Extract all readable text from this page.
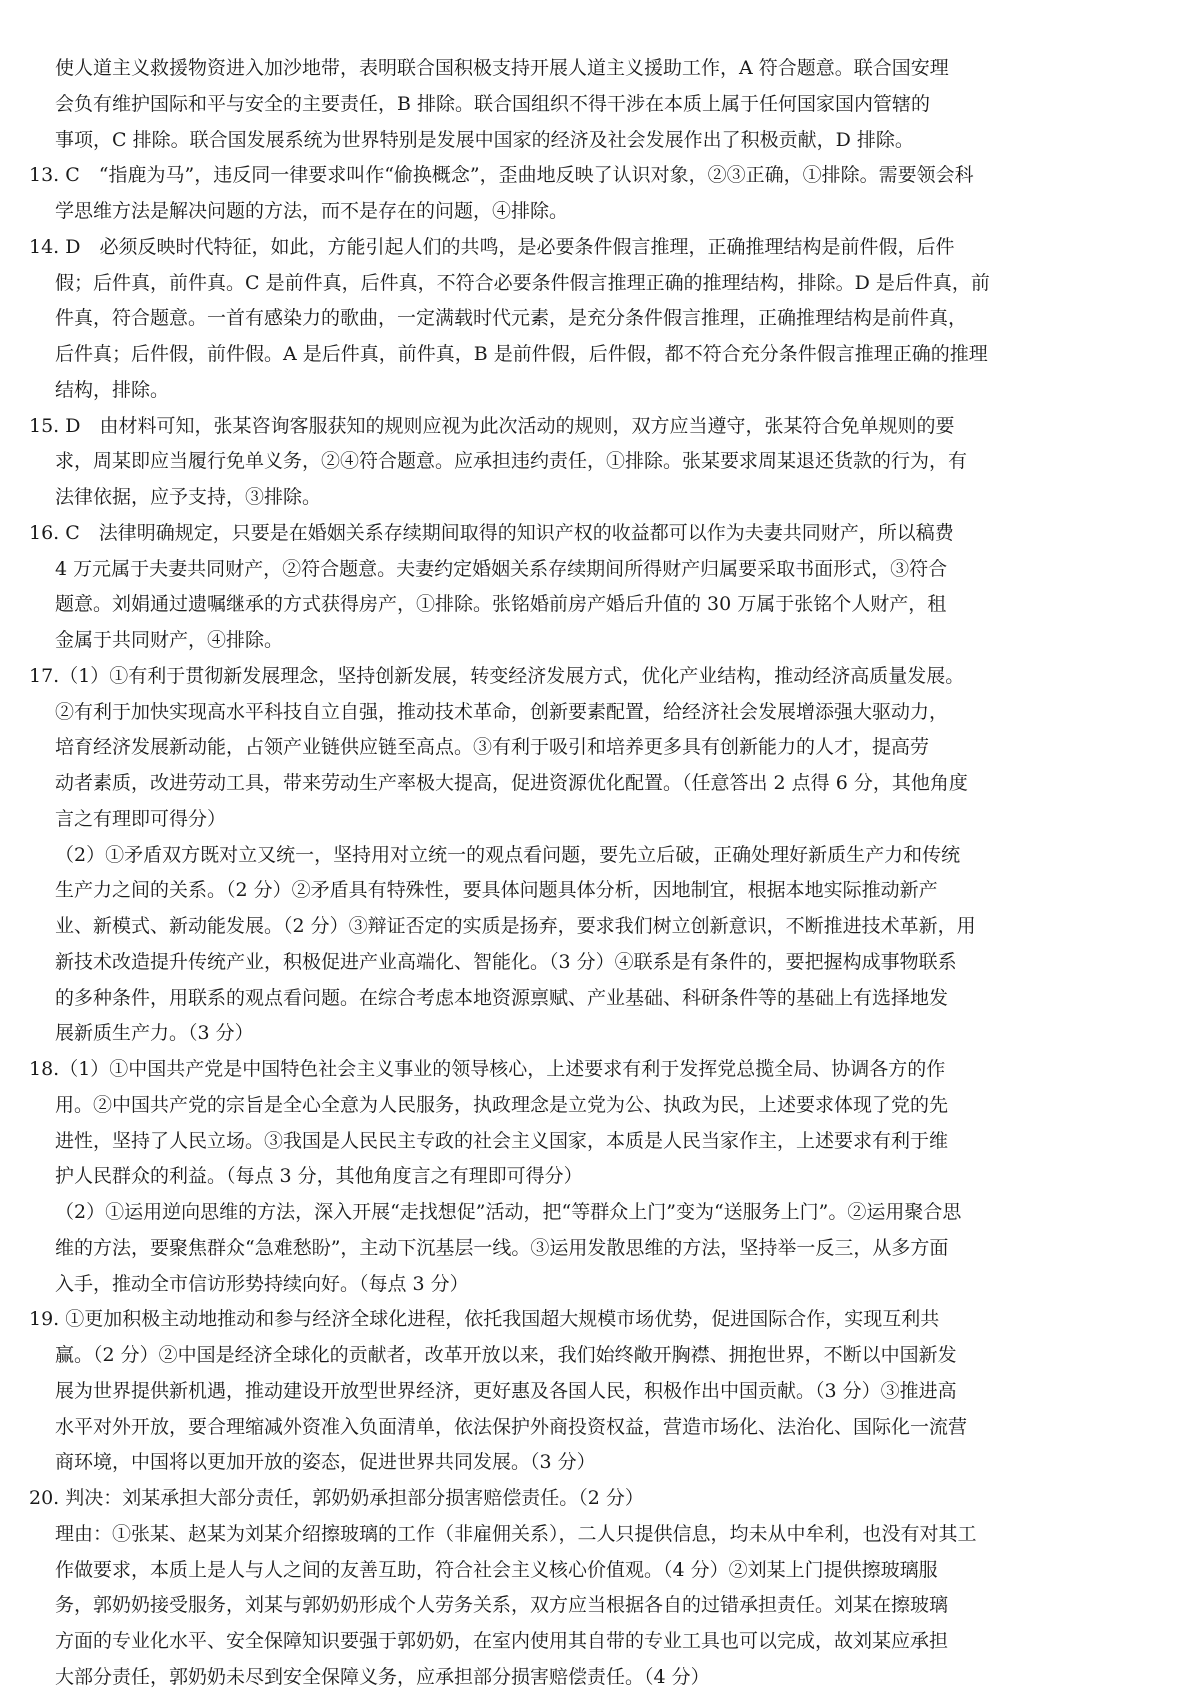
使人道主义救援物资进入加沙地带，表明联合国积极支持开展人道主义援助工作，A 符合题意。联合国安理
会负有维护国际和平与安全的主要责任，B 排除。联合国组织不得干涉在本质上属于任何国家国内管辖的
事项，C 排除。联合国发展系统为世界特别是发展中国家的经济及社会发展作出了积极贡献，D 排除。
13. C　“指鹿为马”，违反同一律要求叫作“偷换概念”，歪曲地反映了认识对象，②③正确，①排除。需要领会科
学思维方法是解决问题的方法，而不是存在的问题，④排除。
14. D　必须反映时代特征，如此，方能引起人们的共鸣，是必要条件假言推理，正确推理结构是前件假，后件
假；后件真，前件真。C 是前件真，后件真，不符合必要条件假言推理正确的推理结构，排除。D 是后件真，前
件真，符合题意。一首有感染力的歌曲，一定满载时代元素，是充分条件假言推理，正确推理结构是前件真，
后件真；后件假，前件假。A 是后件真，前件真，B 是前件假，后件假，都不符合充分条件假言推理正确的推理
结构，排除。
15. D　由材料可知，张某咨询客服获知的规则应视为此次活动的规则，双方应当遵守，张某符合免单规则的要
求，周某即应当履行免单义务，②④符合题意。应承担违约责任，①排除。张某要求周某退还货款的行为，有
法律依据，应予支持，③排除。
16. C　法律明确规定，只要是在婚姻关系存续期间取得的知识产权的收益都可以作为夫妻共同财产，所以稿费
4 万元属于夫妻共同财产，②符合题意。夫妻约定婚姻关系存续期间所得财产归属要采取书面形式，③符合
题意。刘娟通过遗嘱继承的方式获得房产，①排除。张铭婚前房产婚后升值的 30 万属于张铭个人财产，租
金属于共同财产，④排除。
17.（1）①有利于贯彻新发展理念，坚持创新发展，转变经济发展方式，优化产业结构，推动经济高质量发展。
②有利于加快实现高水平科技自立自强，推动技术革命，创新要素配置，给经济社会发展增添强大驱动力，
培育经济发展新动能，占领产业链供应链至高点。③有利于吸引和培养更多具有创新能力的人才，提高劳
动者素质，改进劳动工具，带来劳动生产率极大提高，促进资源优化配置。（任意答出 2 点得 6 分，其他角度
言之有理即可得分）
（2）①矛盾双方既对立又统一，坚持用对立统一的观点看问题，要先立后破，正确处理好新质生产力和传统
生产力之间的关系。（2 分）②矛盾具有特殊性，要具体问题具体分析，因地制宜，根据本地实际推动新产
业、新模式、新动能发展。（2 分）③辩证否定的实质是扬弃，要求我们树立创新意识，不断推进技术革新，用
新技术改造提升传统产业，积极促进产业高端化、智能化。（3 分）④联系是有条件的，要把握构成事物联系
的多种条件，用联系的观点看问题。在综合考虑本地资源禀赋、产业基础、科研条件等的基础上有选择地发
展新质生产力。（3 分）
18.（1）①中国共产党是中国特色社会主义事业的领导核心，上述要求有利于发挥党总揽全局、协调各方的作
用。②中国共产党的宗旨是全心全意为人民服务，执政理念是立党为公、执政为民，上述要求体现了党的先
进性，坚持了人民立场。③我国是人民民主专政的社会主义国家，本质是人民当家作主，上述要求有利于维
护人民群众的利益。（每点 3 分，其他角度言之有理即可得分）
（2）①运用逆向思维的方法，深入开展“走找想促”活动，把“等群众上门”变为“送服务上门”。②运用聚合思
维的方法，要聚焦群众“急难愁盼”，主动下沉基层一线。③运用发散思维的方法，坚持举一反三，从多方面
入手，推动全市信访形势持续向好。（每点 3 分）
19. ①更加积极主动地推动和参与经济全球化进程，依托我国超大规模市场优势，促进国际合作，实现互利共
赢。（2 分）②中国是经济全球化的贡献者，改革开放以来，我们始终敞开胸襟、拥抱世界，不断以中国新发
展为世界提供新机遇，推动建设开放型世界经济，更好惠及各国人民，积极作出中国贡献。（3 分）③推进高
水平对外开放，要合理缩减外资准入负面清单，依法保护外商投资权益，营造市场化、法治化、国际化一流营
商环境，中国将以更加开放的姿态，促进世界共同发展。（3 分）
20. 判决：刘某承担大部分责任，郭奶奶承担部分损害赔偿责任。（2 分）
理由：①张某、赵某为刘某介绍擦玻璃的工作（非雇佣关系），二人只提供信息，均未从中牟利，也没有对其工
作做要求，本质上是人与人之间的友善互助，符合社会主义核心价值观。（4 分）②刘某上门提供擦玻璃服
务，郭奶奶接受服务，刘某与郭奶奶形成个人劳务关系，双方应当根据各自的过错承担责任。刘某在擦玻璃
方面的专业化水平、安全保障知识要强于郭奶奶，在室内使用其自带的专业工具也可以完成，故刘某应承担
大部分责任，郭奶奶未尽到安全保障义务，应承担部分损害赔偿责任。（4 分）
